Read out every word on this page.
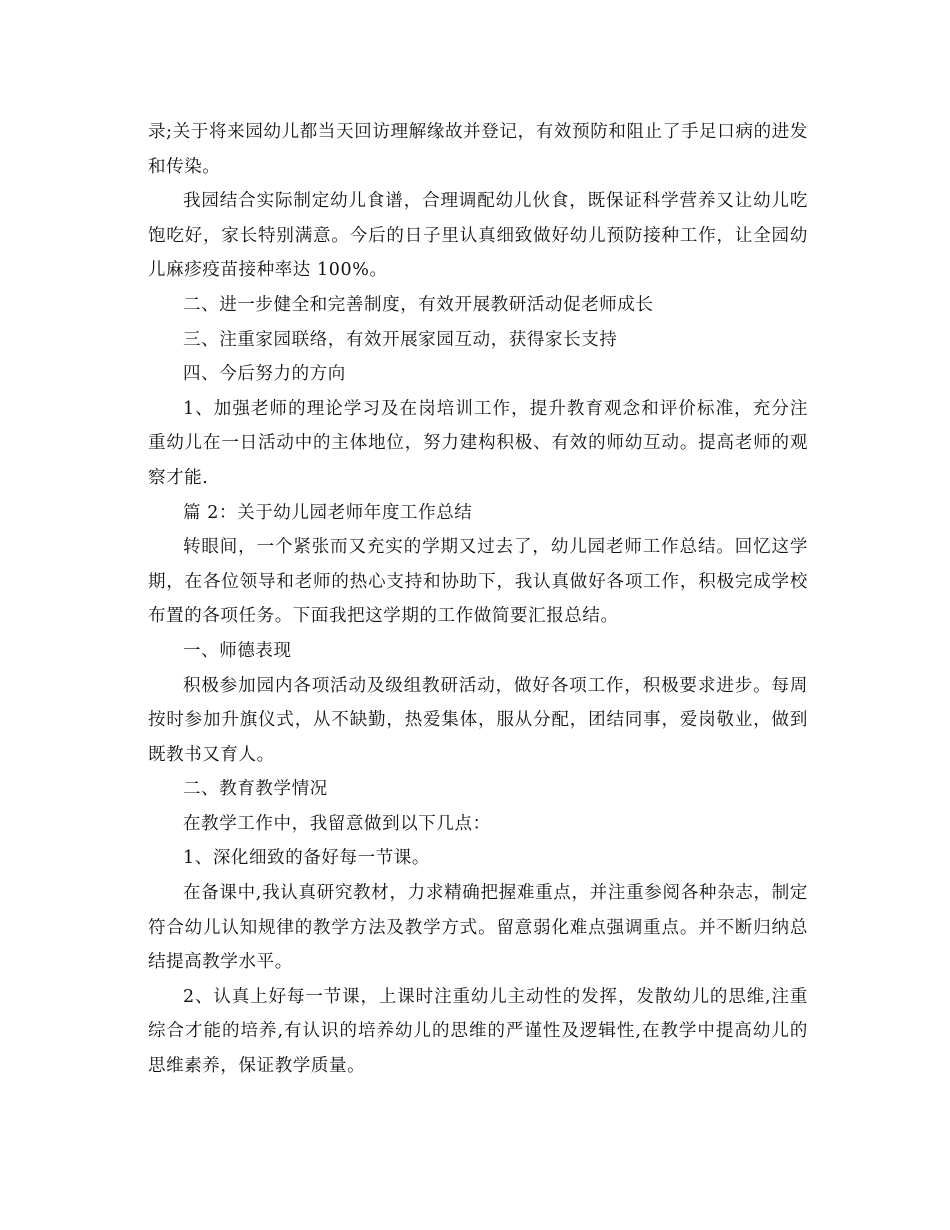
录;关于将来园幼儿都当天回访理解缘故并登记，有效预防和阻止了手足口病的进发和传染。

我园结合实际制定幼儿食谱，合理调配幼儿伙食，既保证科学营养又让幼儿吃饱吃好，家长特别满意。今后的日子里认真细致做好幼儿预防接种工作，让全园幼儿麻疹疫苗接种率达 100%。

二、进一步健全和完善制度，有效开展教研活动促老师成长

三、注重家园联络，有效开展家园互动，获得家长支持

四、今后努力的方向

1、加强老师的理论学习及在岗培训工作，提升教育观念和评价标准，充分注重幼儿在一日活动中的主体地位，努力建构积极、有效的师幼互动。提高老师的观察才能.

篇 2：关于幼儿园老师年度工作总结

转眼间，一个紧张而又充实的学期又过去了，幼儿园老师工作总结。回忆这学期，在各位领导和老师的热心支持和协助下，我认真做好各项工作，积极完成学校布置的各项任务。下面我把这学期的工作做简要汇报总结。

一、师德表现

积极参加园内各项活动及级组教研活动，做好各项工作，积极要求进步。每周按时参加升旗仪式，从不缺勤，热爱集体，服从分配，团结同事，爱岗敬业，做到既教书又育人。

二、教育教学情况

在教学工作中，我留意做到以下几点：

1、深化细致的备好每一节课。

在备课中,我认真研究教材，力求精确把握难重点，并注重参阅各种杂志，制定符合幼儿认知规律的教学方法及教学方式。留意弱化难点强调重点。并不断归纳总结提高教学水平。

2、认真上好每一节课，上课时注重幼儿主动性的发挥，发散幼儿的思维,注重综合才能的培养,有认识的培养幼儿的思维的严谨性及逻辑性,在教学中提高幼儿的思维素养，保证教学质量。
